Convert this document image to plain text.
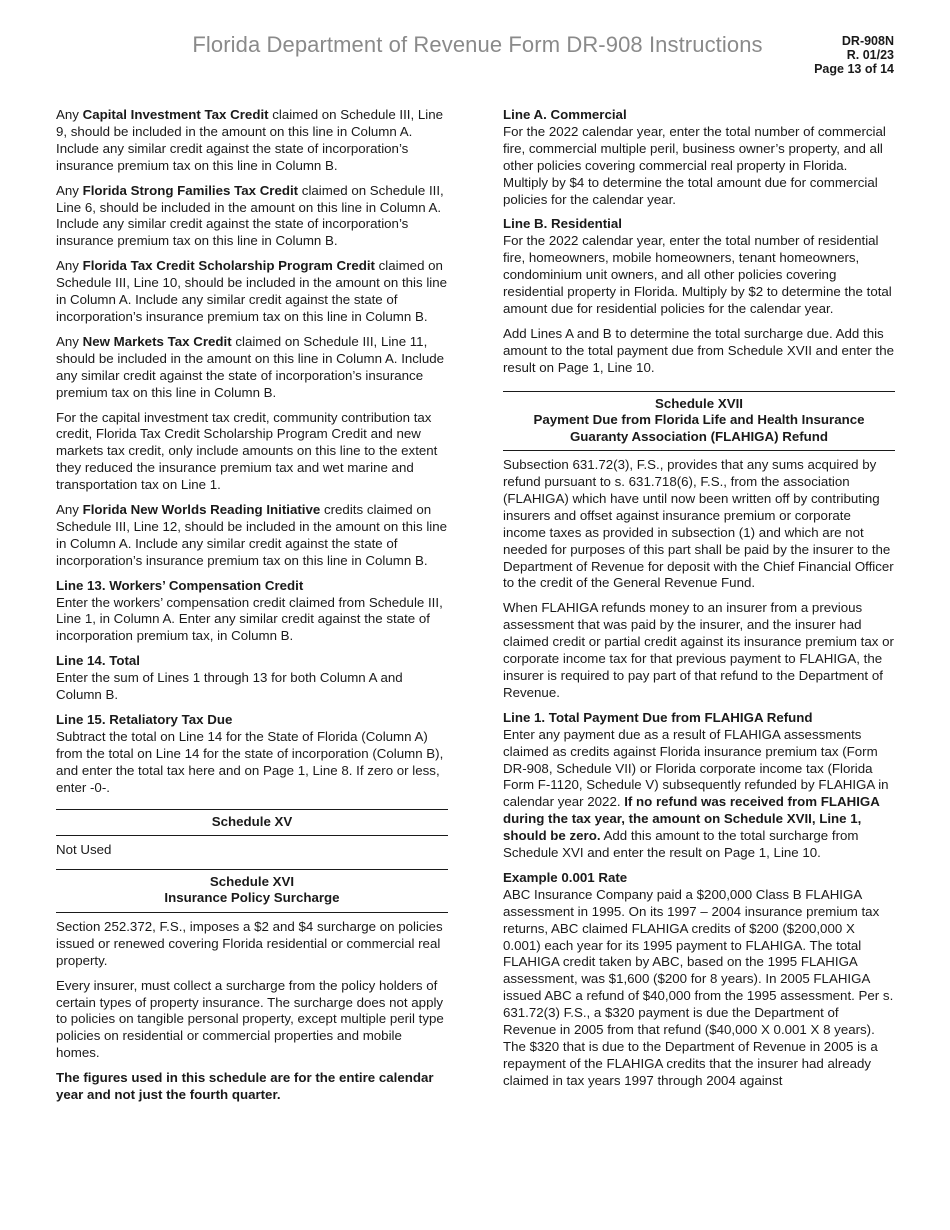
Florida Department of Revenue Form DR-908 Instructions	DR-908N
R. 01/23
Page 13 of 14

Any Capital Investment Tax Credit claimed on Schedule III, Line 9, should be included in the amount on this line in Column A. Include any similar credit against the state of incorporation’s insurance premium tax on this line in Column B.

Any Florida Strong Families Tax Credit claimed on Schedule III, Line 6, should be included in the amount on this line in Column A. Include any similar credit against the state of incorporation’s insurance premium tax on this line in Column B.

Any Florida Tax Credit Scholarship Program Credit claimed on Schedule III, Line 10, should be included in the amount on this line in Column A. Include any similar credit against the state of incorporation’s insurance premium tax on this line in Column B.

Any New Markets Tax Credit claimed on Schedule III, Line 11, should be included in the amount on this line in Column A. Include any similar credit against the state of incorporation’s insurance premium tax on this line in Column B.

For the capital investment tax credit, community contribution tax credit, Florida Tax Credit Scholarship Program Credit and new markets tax credit, only include amounts on this line to the extent they reduced the insurance premium tax and wet marine and transportation tax on Line 1.

Any Florida New Worlds Reading Initiative credits claimed on Schedule III, Line 12, should be included in the amount on this line in Column A. Include any similar credit against the state of incorporation’s insurance premium tax on this line in Column B.

Line 13. Workers’ Compensation Credit
Enter the workers’ compensation credit claimed from Schedule III, Line 1, in Column A. Enter any similar credit against the state of incorporation premium tax, in Column B.

Line 14. Total
Enter the sum of Lines 1 through 13 for both Column A and Column B.

Line 15. Retaliatory Tax Due
Subtract the total on Line 14 for the State of Florida (Column A) from the total on Line 14 for the state of incorporation (Column B), and enter the total tax here and on Page 1, Line 8. If zero or less, enter -0-.

Schedule XV

Not Used

Schedule XVI
Insurance Policy Surcharge

Section 252.372, F.S., imposes a $2 and $4 surcharge on policies issued or renewed covering Florida residential or commercial real property.

Every insurer, must collect a surcharge from the policy holders of certain types of property insurance. The surcharge does not apply to policies on tangible personal property, except multiple peril type policies on residential or commercial properties and mobile homes.

The figures used in this schedule are for the entire calendar year and not just the fourth quarter.

Line A. Commercial
For the 2022 calendar year, enter the total number of commercial fire, commercial multiple peril, business owner’s property, and all other policies covering commercial real property in Florida. Multiply by $4 to determine the total amount due for commercial policies for the calendar year.

Line B. Residential
For the 2022 calendar year, enter the total number of residential fire, homeowners, mobile homeowners, tenant homeowners, condominium unit owners, and all other policies covering residential property in Florida. Multiply by $2 to determine the total amount due for residential policies for the calendar year.

Add Lines A and B to determine the total surcharge due. Add this amount to the total payment due from Schedule XVII and enter the result on Page 1, Line 10.

Schedule XVII
Payment Due from Florida Life and Health Insurance
Guaranty Association (FLAHIGA) Refund

Subsection 631.72(3), F.S., provides that any sums acquired by refund pursuant to s. 631.718(6), F.S., from the association (FLAHIGA) which have until now been written off by contributing insurers and offset against insurance premium or corporate income taxes as provided in subsection (1) and which are not needed for purposes of this part shall be paid by the insurer to the Department of Revenue for deposit with the Chief Financial Officer to the credit of the General Revenue Fund.

When FLAHIGA refunds money to an insurer from a previous assessment that was paid by the insurer, and the insurer had claimed credit or partial credit against its insurance premium tax or corporate income tax for that previous payment to FLAHIGA, the insurer is required to pay part of that refund to the Department of Revenue.

Line 1. Total Payment Due from FLAHIGA Refund
Enter any payment due as a result of FLAHIGA assessments claimed as credits against Florida insurance premium tax (Form DR-908, Schedule VII) or Florida corporate income tax (Florida Form F-1120, Schedule V) subsequently refunded by FLAHIGA in calendar year 2022. If no refund was received from FLAHIGA during the tax year, the amount on Schedule XVII, Line 1, should be zero. Add this amount to the total surcharge from Schedule XVI and enter the result on Page 1, Line 10.

Example 0.001 Rate
ABC Insurance Company paid a $200,000 Class B FLAHIGA assessment in 1995. On its 1997 – 2004 insurance premium tax returns, ABC claimed FLAHIGA credits of $200 ($200,000 X 0.001) each year for its 1995 payment to FLAHIGA. The total FLAHIGA credit taken by ABC, based on the 1995 FLAHIGA assessment, was $1,600 ($200 for 8 years). In 2005 FLAHIGA issued ABC a refund of $40,000 from the 1995 assessment. Per s. 631.72(3) F.S., a $320 payment is due the Department of Revenue in 2005 from that refund ($40,000 X 0.001 X 8 years). The $320 that is due to the Department of Revenue in 2005 is a repayment of the FLAHIGA credits that the insurer had already claimed in tax years 1997 through 2004 against
